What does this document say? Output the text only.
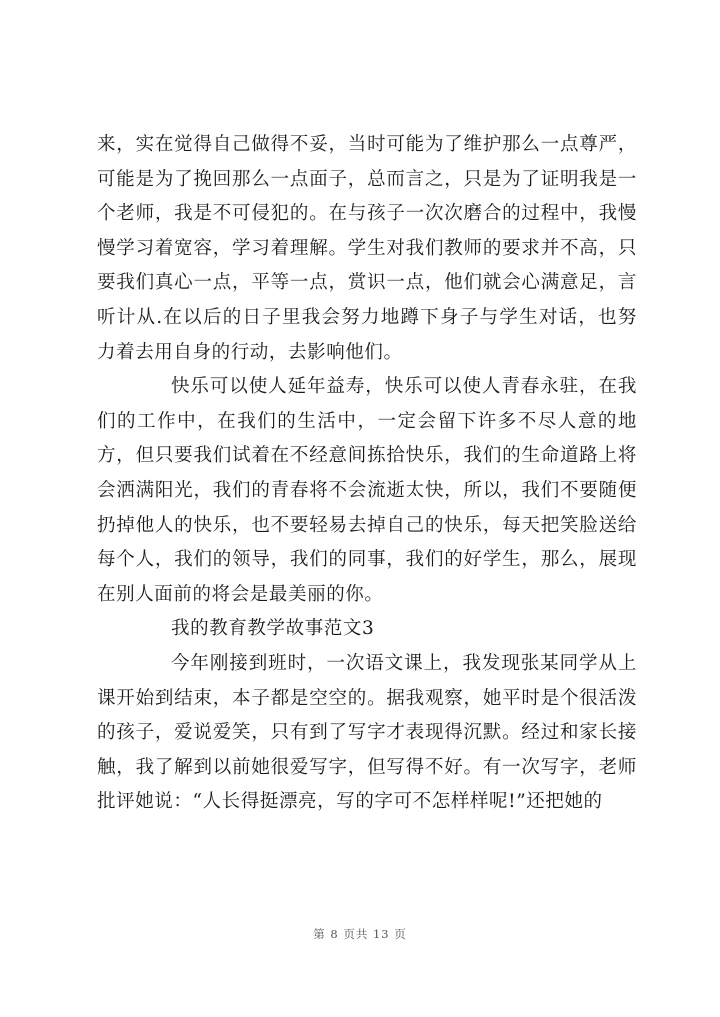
来，实在觉得自己做得不妥，当时可能为了维护那么一点尊严，可能是为了挽回那么一点面子，总而言之，只是为了证明我是一个老师，我是不可侵犯的。在与孩子一次次磨合的过程中，我慢慢学习着宽容，学习着理解。学生对我们教师的要求并不高，只要我们真心一点，平等一点，赏识一点，他们就会心满意足，言听计从.在以后的日子里我会努力地蹲下身子与学生对话，也努力着去用自身的行动，去影响他们。

快乐可以使人延年益寿，快乐可以使人青春永驻，在我们的工作中，在我们的生活中，一定会留下许多不尽人意的地方，但只要我们试着在不经意间拣拾快乐，我们的生命道路上将会洒满阳光，我们的青春将不会流逝太快，所以，我们不要随便扔掉他人的快乐，也不要轻易去掉自己的快乐，每天把笑脸送给每个人，我们的领导，我们的同事，我们的好学生，那么，展现在别人面前的将会是最美丽的你。

我的教育教学故事范文3

今年刚接到班时，一次语文课上，我发现张某同学从上课开始到结束，本子都是空空的。据我观察，她平时是个很活泼的孩子，爱说爱笑，只有到了写字才表现得沉默。经过和家长接触，我了解到以前她很爱写字，但写得不好。有一次写字，老师批评她说：“人长得挺漂亮，写的字可不怎样样呢!”还把她的

第 8 页共 13 页
